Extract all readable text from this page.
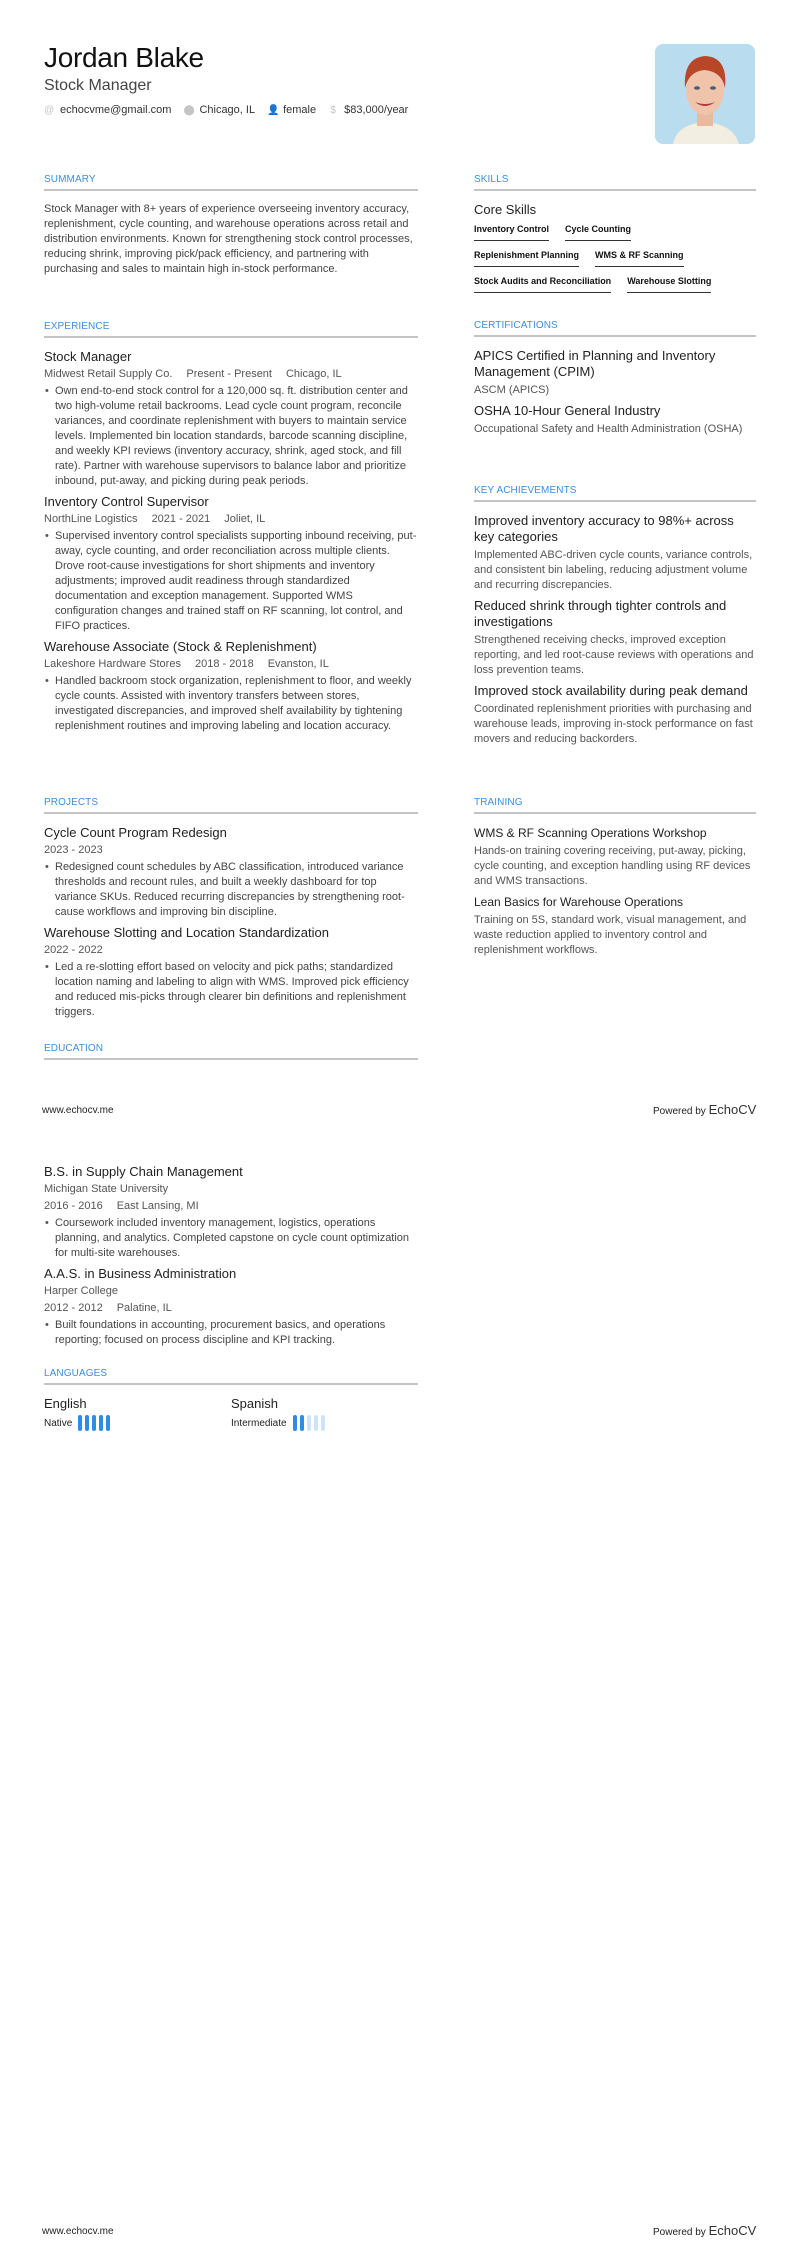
Jordan Blake
Stock Manager
@ echocvme@gmail.com ⬤ Chicago, IL 👤 female $ $83,000/year
SUMMARY
Stock Manager with 8+ years of experience overseeing inventory accuracy, replenishment, cycle counting, and warehouse operations across retail and distribution environments. Known for strengthening stock control processes, reducing shrink, improving pick/pack efficiency, and partnering with purchasing and sales to maintain high in-stock performance.
SKILLS
Core Skills
Inventory Control Cycle Counting
Replenishment Planning WMS & RF Scanning
Stock Audits and Reconciliation Warehouse Slotting
EXPERIENCE
Stock Manager
Midwest Retail Supply Co. Present - Present Chicago, IL
• Own end-to-end stock control for a 120,000 sq. ft. distribution center and two high-volume retail backrooms. Lead cycle count program, reconcile variances, and coordinate replenishment with buyers to maintain service levels. Implemented bin location standards, barcode scanning discipline, and weekly KPI reviews (inventory accuracy, shrink, aged stock, and fill rate). Partner with warehouse supervisors to balance labor and prioritize inbound, put-away, and picking during peak periods.
Inventory Control Supervisor
NorthLine Logistics 2021 - 2021 Joliet, IL
• Supervised inventory control specialists supporting inbound receiving, put-away, cycle counting, and order reconciliation across multiple clients. Drove root-cause investigations for short shipments and inventory adjustments; improved audit readiness through standardized documentation and exception management. Supported WMS configuration changes and trained staff on RF scanning, lot control, and FIFO practices.
Warehouse Associate (Stock & Replenishment)
Lakeshore Hardware Stores 2018 - 2018 Evanston, IL
• Handled backroom stock organization, replenishment to floor, and weekly cycle counts. Assisted with inventory transfers between stores, investigated discrepancies, and improved shelf availability by tightening replenishment routines and improving labeling and location accuracy.
CERTIFICATIONS
APICS Certified in Planning and Inventory Management (CPIM)
ASCM (APICS)
OSHA 10-Hour General Industry
Occupational Safety and Health Administration (OSHA)
KEY ACHIEVEMENTS
Improved inventory accuracy to 98%+ across key categories
Implemented ABC-driven cycle counts, variance controls, and consistent bin labeling, reducing adjustment volume and recurring discrepancies.
Reduced shrink through tighter controls and investigations
Strengthened receiving checks, improved exception reporting, and led root-cause reviews with operations and loss prevention teams.
Improved stock availability during peak demand
Coordinated replenishment priorities with purchasing and warehouse leads, improving in-stock performance on fast movers and reducing backorders.
PROJECTS
Cycle Count Program Redesign
2023 - 2023
• Redesigned count schedules by ABC classification, introduced variance thresholds and recount rules, and built a weekly dashboard for top variance SKUs. Reduced recurring discrepancies by strengthening root-cause workflows and improving bin discipline.
Warehouse Slotting and Location Standardization
2022 - 2022
• Led a re-slotting effort based on velocity and pick paths; standardized location naming and labeling to align with WMS. Improved pick efficiency and reduced mis-picks through clearer bin definitions and replenishment triggers.
TRAINING
WMS & RF Scanning Operations Workshop
Hands-on training covering receiving, put-away, picking, cycle counting, and exception handling using RF devices and WMS transactions.
Lean Basics for Warehouse Operations
Training on 5S, standard work, visual management, and waste reduction applied to inventory control and replenishment workflows.
EDUCATION
www.echocv.me	Powered by EchoCV
B.S. in Supply Chain Management
Michigan State University
2016 - 2016 East Lansing, MI
• Coursework included inventory management, logistics, operations planning, and analytics. Completed capstone on cycle count optimization for multi-site warehouses.
A.A.S. in Business Administration
Harper College
2012 - 2012 Palatine, IL
• Built foundations in accounting, procurement basics, and operations reporting; focused on process discipline and KPI tracking.
LANGUAGES
English
Native
Spanish
Intermediate
www.echocv.me	Powered by EchoCV
